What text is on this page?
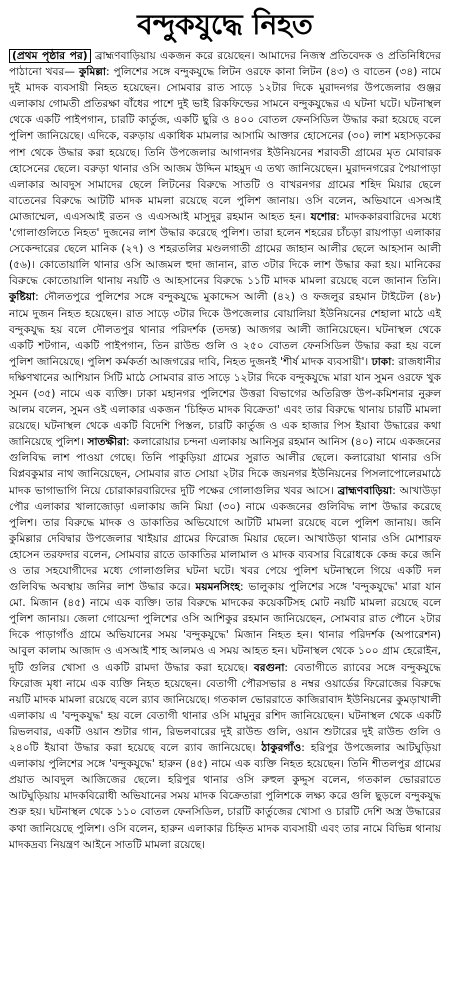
বন্দুকযুদ্ধে নিহত
(প্রথম পৃষ্ঠার পর) ব্রাহ্মণবাড়িয়ায় একজন করে রয়েছেন। আমাদের নিজস্ব প্রতিবেদক ও প্রতিনিধিদের পাঠানো খবর— কুমিল্লা: পুলিশের সঙ্গে বন্দুকযুদ্ধে লিটন ওরফে কানা লিটন (৪৩) ও বাতেন (৩৪) নামে দুই মাদক ব্যবসায়ী নিহত হয়েছেন। সোমবার রাত সাড়ে ১২টার দিকে মুরাদনগর উপজেলার গুঞ্জর এলাকায় গোমতী প্রতিরক্ষা বাঁধের পাশে দুই ভাই রিকফিল্ডের সামনে বন্দুকযুদ্ধের এ ঘটনা ঘটে। ঘটনাস্থল থেকে একটি পাইপগান, চারটি কার্তুজ, একটি ছুরি ও ৪০০ বোতল ফেনসিডিল উদ্ধার করা হয়েছে বলে পুলিশ জানিয়েছে। এদিকে, বরুড়ায় একাধিক মামলার আসামি আক্তার হোসেনের (৩০) লাশ মহাসড়কের পাশ থেকে উদ্ধার করা হয়েছে। তিনি উপজেলার আগানগর ইউনিয়নের শরাবতী গ্রামের মৃত মোবারক হোসেনের ছেলে। বরুড়া থানার ওসি আজম উদ্দিন মাহমুদ এ তথ্য জানিয়েছেন। মুরাদনগরের পৈয়াপাড়া এলাকার আবদুস সামাদের ছেলে লিটনের বিরুদ্ধে সাতটি ও বাখরনগর গ্রামের শহিদ মিয়ার ছেলে বাতেনের বিরুদ্ধে আটটি মাদক মামলা রয়েছে বলে পুলিশ জানায়। ওসি বলেন, অভিযানে এসআই মোজাম্মেল, এএসআই রতন ও এএসআই মাসুদুর রহমান আহত হন। যশোর: মাদককারবারিদের মধ্যে 'গোলাগুলিতে নিহত' দুজনের লাশ উদ্ধার করেছে পুলিশ। তারা হলেন শহরের চাঁচড়া রায়পাড়া এলাকার সেকেন্দারের ছেলে মানিক (২৭) ও শহরতলির মণ্ডলগাতী গ্রামের জাহান আলীর ছেলে আহসান আলী (৫৬)। কোতোয়ালি থানার ওসি আজমল হুদা জানান, রাত ৩টার দিকে লাশ উদ্ধার করা হয়। মানিকের বিরুদ্ধে কোতোয়ালি থানায় নয়টি ও আহসানের বিরুদ্ধে ১১টি মাদক মামলা রয়েছে বলে জানান তিনি। কুষ্টিয়া: দৌলতপুরে পুলিশের সঙ্গে বন্দুকযুদ্ধে মুকাদ্দেস আলী (৪২) ও ফজলুর রহমান টাইটেল (৪৮) নামে দুজন নিহত হয়েছেন। রাত সাড়ে ৩টার দিকে উপজেলার বোয়ালিয়া ইউনিয়নের শেহালা মাঠে এই বন্দুকযুদ্ধ হয় বলে দৌলতপুর থানার পরিদর্শক (তদন্ত) আজগর আলী জানিয়েছেন। ঘটনাস্থল থেকে একটি শটগান, একটি পাইপগান, তিন রাউন্ড গুলি ও ২৫০ বোতল ফেনসিডিল উদ্ধার করা হয় বলে পুলিশ জানিয়েছে। পুলিশ কর্মকর্তা আজগরের দাবি, নিহত দুজনই 'শীর্ষ মাদক ব্যবসায়ী'। ঢাকা: রাজধানীর দক্ষিণখানের আশিয়ান সিটি মাঠে সোমবার রাত সাড়ে ১২টার দিকে বন্দুকযুদ্ধে মারা যান সুমন ওরফে খুক সুমন (৩৫) নামে এক ব্যক্তি। ঢাকা মহানগর পুলিশের উত্তরা বিভাগের অতিরিক্ত উপ-কমিশনার নুরুল আলম বলেন, সুমন ওই এলাকার একজন 'চিহ্নিত মাদক বিক্রেতা' এবং তার বিরুদ্ধে থানায় চারটি মামলা রয়েছে। ঘটনাস্থল থেকে একটি বিদেশি পিস্তল, চারটি কার্তুজ ও এক হাজার পিস ইয়াবা উদ্ধারের কথা জানিয়েছে পুলিশ। সাতক্ষীরা: কলারোয়ার চন্দনা এলাকায় আনিসুর রহমান আনিস (৪০) নামে একজনের গুলিবিদ্ধ লাশ পাওয়া গেছে। তিনি পাকুড়িয়া গ্রামের সুরাত আলীর ছেলে। কলারোয়া থানার ওসি বিপ্লবকুমার নাথ জানিয়েছেন, সোমবার রাত সোয়া ২টার দিকে জয়নগর ইউনিয়নের পিসলাপোলেরমাঠে মাদক ভাগাভাগি নিয়ে চোরাকারবারিদের দুটি পক্ষের গোলাগুলির খবর আসে। ব্রাহ্মণবাড়িয়া: আখাউড়া পৌর এলাকার খালাজোড়া এলাকায় জনি মিয়া (৩০) নামে একজনের গুলিবিদ্ধ লাশ উদ্ধার করেছে পুলিশ। তার বিরুদ্ধে মাদক ও ডাকাতির অভিযোগে আটটি মামলা রয়েছে বলে পুলিশ জানায়। জনি কুমিল্লার দেবিদ্বার উপজেলার খাইয়ার গ্রামের ফিরোজ মিয়ার ছেলে। আখাউড়া থানার ওসি মোশারফ হোসেন তরফদার বলেন, সোমবার রাতে ডাকাতির মালামাল ও মাদক ব্যবসার বিরোধকে কেন্দ্র করে জনি ও তার সহযোগীদের মধ্যে গোলাগুলির ঘটনা ঘটে। খবর পেয়ে পুলিশ ঘটনাস্থলে গিয়ে একটি দল গুলিবিদ্ধ অবস্থায় জনির লাশ উদ্ধার করে। ময়মনসিংহ: ভালুকায় পুলিশের সঙ্গে 'বন্দুকযুদ্ধে' মারা যান মো. মিজান (৪৫) নামে এক ব্যক্তি। তার বিরুদ্ধে মাদকের কয়েকটিসহ মোট নয়টি মামলা রয়েছে বলে পুলিশ জানায়। জেলা গোয়েন্দা পুলিশের ওসি আশিকুর রহমান জানিয়েছেন, সোমবার রাত পৌনে ২টার দিকে পাড়াগাঁও গ্রামে অভিযানের সময় 'বন্দুকযুদ্ধে' মিজান নিহত হন। থানার পরিদর্শক (অপারেশন) আবুল কালাম আজাদ ও এসআই শাহ আলমও এ সময় আহত হন। ঘটনাস্থল থেকে ১০০ গ্রাম হেরোইন, দুটি গুলির খোসা ও একটি রামদা উদ্ধার করা হয়েছে। বরগুনা: বেতাগীতে র‍্যাবের সঙ্গে বন্দুকযুদ্ধে ফিরোজ মৃধা নামে এক ব্যক্তি নিহত হয়েছেন। বেতাগী পৌরসভার ৪ নম্বর ওয়ার্ডের ফিরোজের বিরুদ্ধে নয়টি মাদক মামলা রয়েছে বলে র‍্যাব জানিয়েছে। গতকাল ভোররাতে কাজিরাবাদ ইউনিয়নের কুমড়াখালী এলাকায় এ 'বন্দুকযুদ্ধ' হয় বলে বেতাগী থানার ওসি মামুনুর রশিদ জানিয়েছেন। ঘটনাস্থল থেকে একটি রিভলবার, একটি ওয়ান শুটার গান, রিভলবারের দুই রাউন্ড গুলি, ওয়ান শুটারের দুই রাউন্ড গুলি ও ২৪০টি ইয়াবা উদ্ধার করা হয়েছে বলে র‍্যাব জানিয়েছে। ঠাকুরগাঁও: হরিপুর উপজেলার আটঘুড়িয়া এলাকায় পুলিশের সঙ্গে 'বন্দুকযুদ্ধে' হারুন (৪৫) নামে এক ব্যক্তি নিহত হয়েছেন। তিনি শীতলপুর গ্রামের প্রয়াত আবদুল আজিজের ছেলে। হরিপুর থানার ওসি রুহুল কুদ্দুস বলেন, গতকাল ভোররাতে আটঘুড়িয়ায় মাদকবিরোধী অভিযানের সময় মাদক বিক্রেতারা পুলিশকে লক্ষ্য করে গুলি ছুড়লে বন্দুকযুদ্ধ শুরু হয়। ঘটনাস্থল থেকে ১১০ বোতল ফেনসিডিল, চারটি কার্তুজের খোসা ও চারটি দেশি অস্ত্র উদ্ধারের কথা জানিয়েছে পুলিশ। ওসি বলেন, হারুন এলাকার চিহ্নিত মাদক ব্যবসায়ী এবং তার নামে বিভিন্ন থানায় মাদকদ্রব্য নিয়ন্ত্রণ আইনে সাতটি মামলা রয়েছে।
